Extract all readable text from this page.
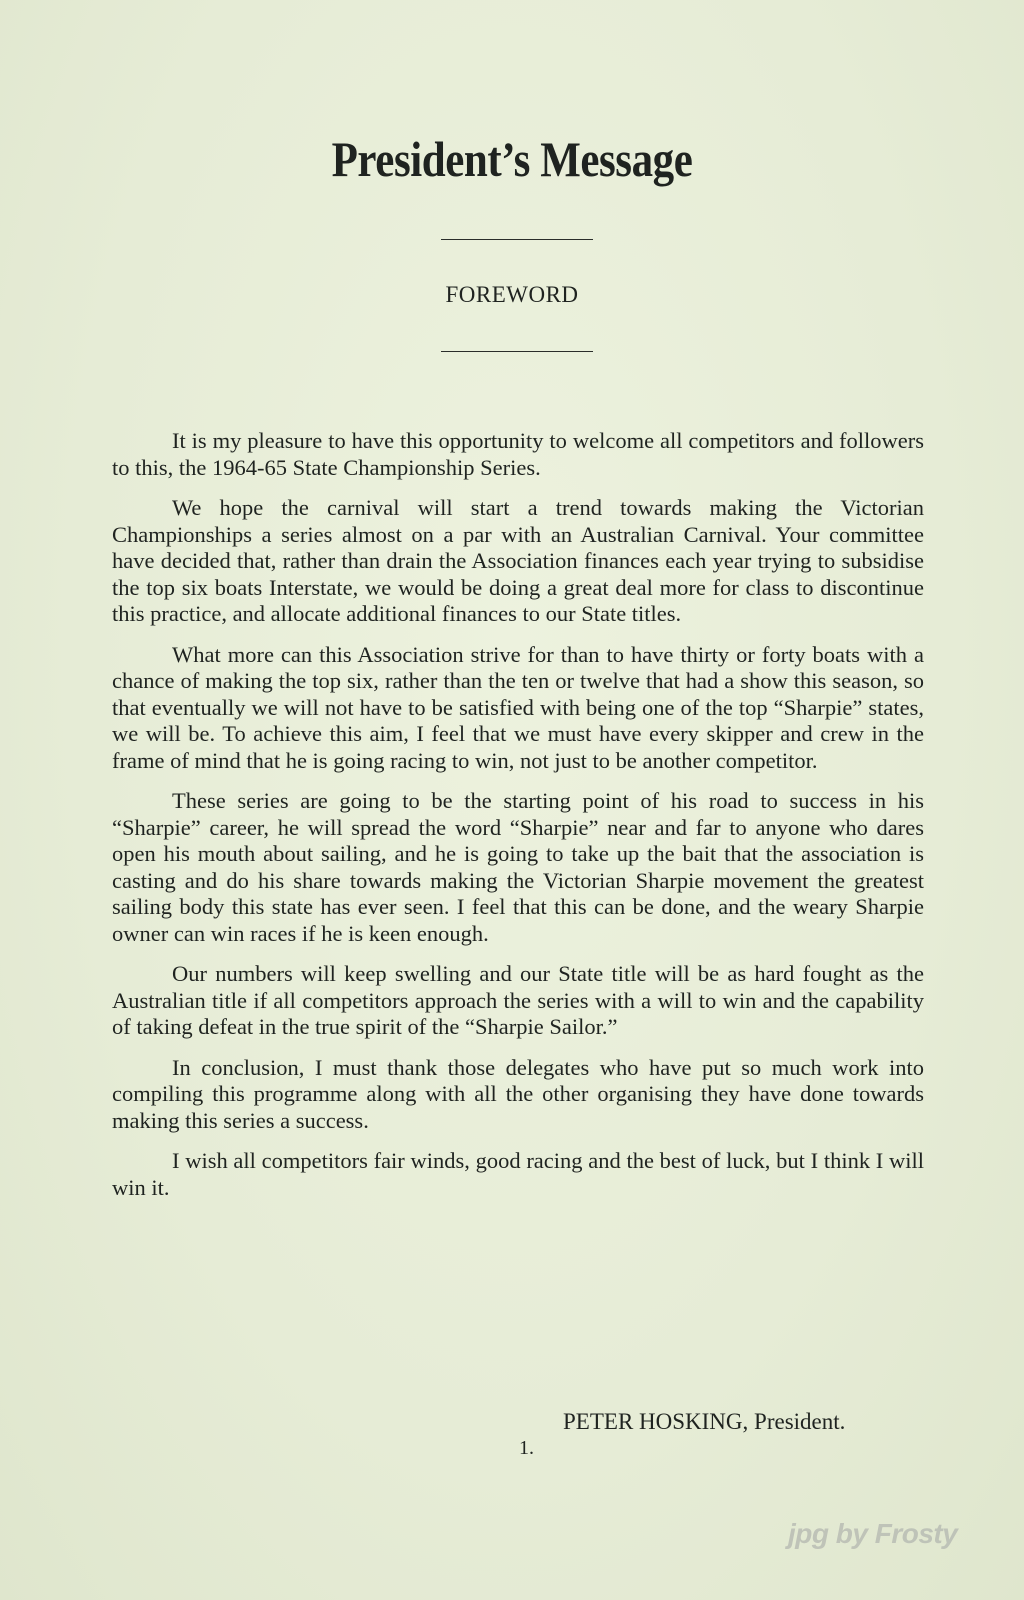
President’s Message
FOREWORD

It is my pleasure to have this opportunity to welcome all competitors and followers to this, the 1964-65 State Championship Series.

We hope the carnival will start a trend towards making the Victorian Championships a series almost on a par with an Australian Carnival. Your committee have decided that, rather than drain the Association finances each year trying to subsidise the top six boats Interstate, we would be doing a great deal more for class to discontinue this practice, and allocate additional finances to our State titles.

What more can this Association strive for than to have thirty or forty boats with a chance of making the top six, rather than the ten or twelve that had a show this season, so that eventually we will not have to be satisfied with being one of the top “Sharpie” states, we will be. To achieve this aim, I feel that we must have every skipper and crew in the frame of mind that he is going racing to win, not just to be another competitor.

These series are going to be the starting point of his road to success in his “Sharpie” career, he will spread the word “Sharpie” near and far to anyone who dares open his mouth about sailing, and he is going to take up the bait that the association is casting and do his share towards making the Victorian Sharpie movement the greatest sailing body this state has ever seen. I feel that this can be done, and the weary Sharpie owner can win races if he is keen enough.

Our numbers will keep swelling and our State title will be as hard fought as the Australian title if all competitors approach the series with a will to win and the capability of taking defeat in the true spirit of the “Sharpie Sailor.”

In conclusion, I must thank those delegates who have put so much work into compiling this programme along with all the other organising they have done towards making this series a success.

I wish all competitors fair winds, good racing and the best of luck, but I think I will win it.

PETER HOSKING, President.
1.
jpg by Frosty
